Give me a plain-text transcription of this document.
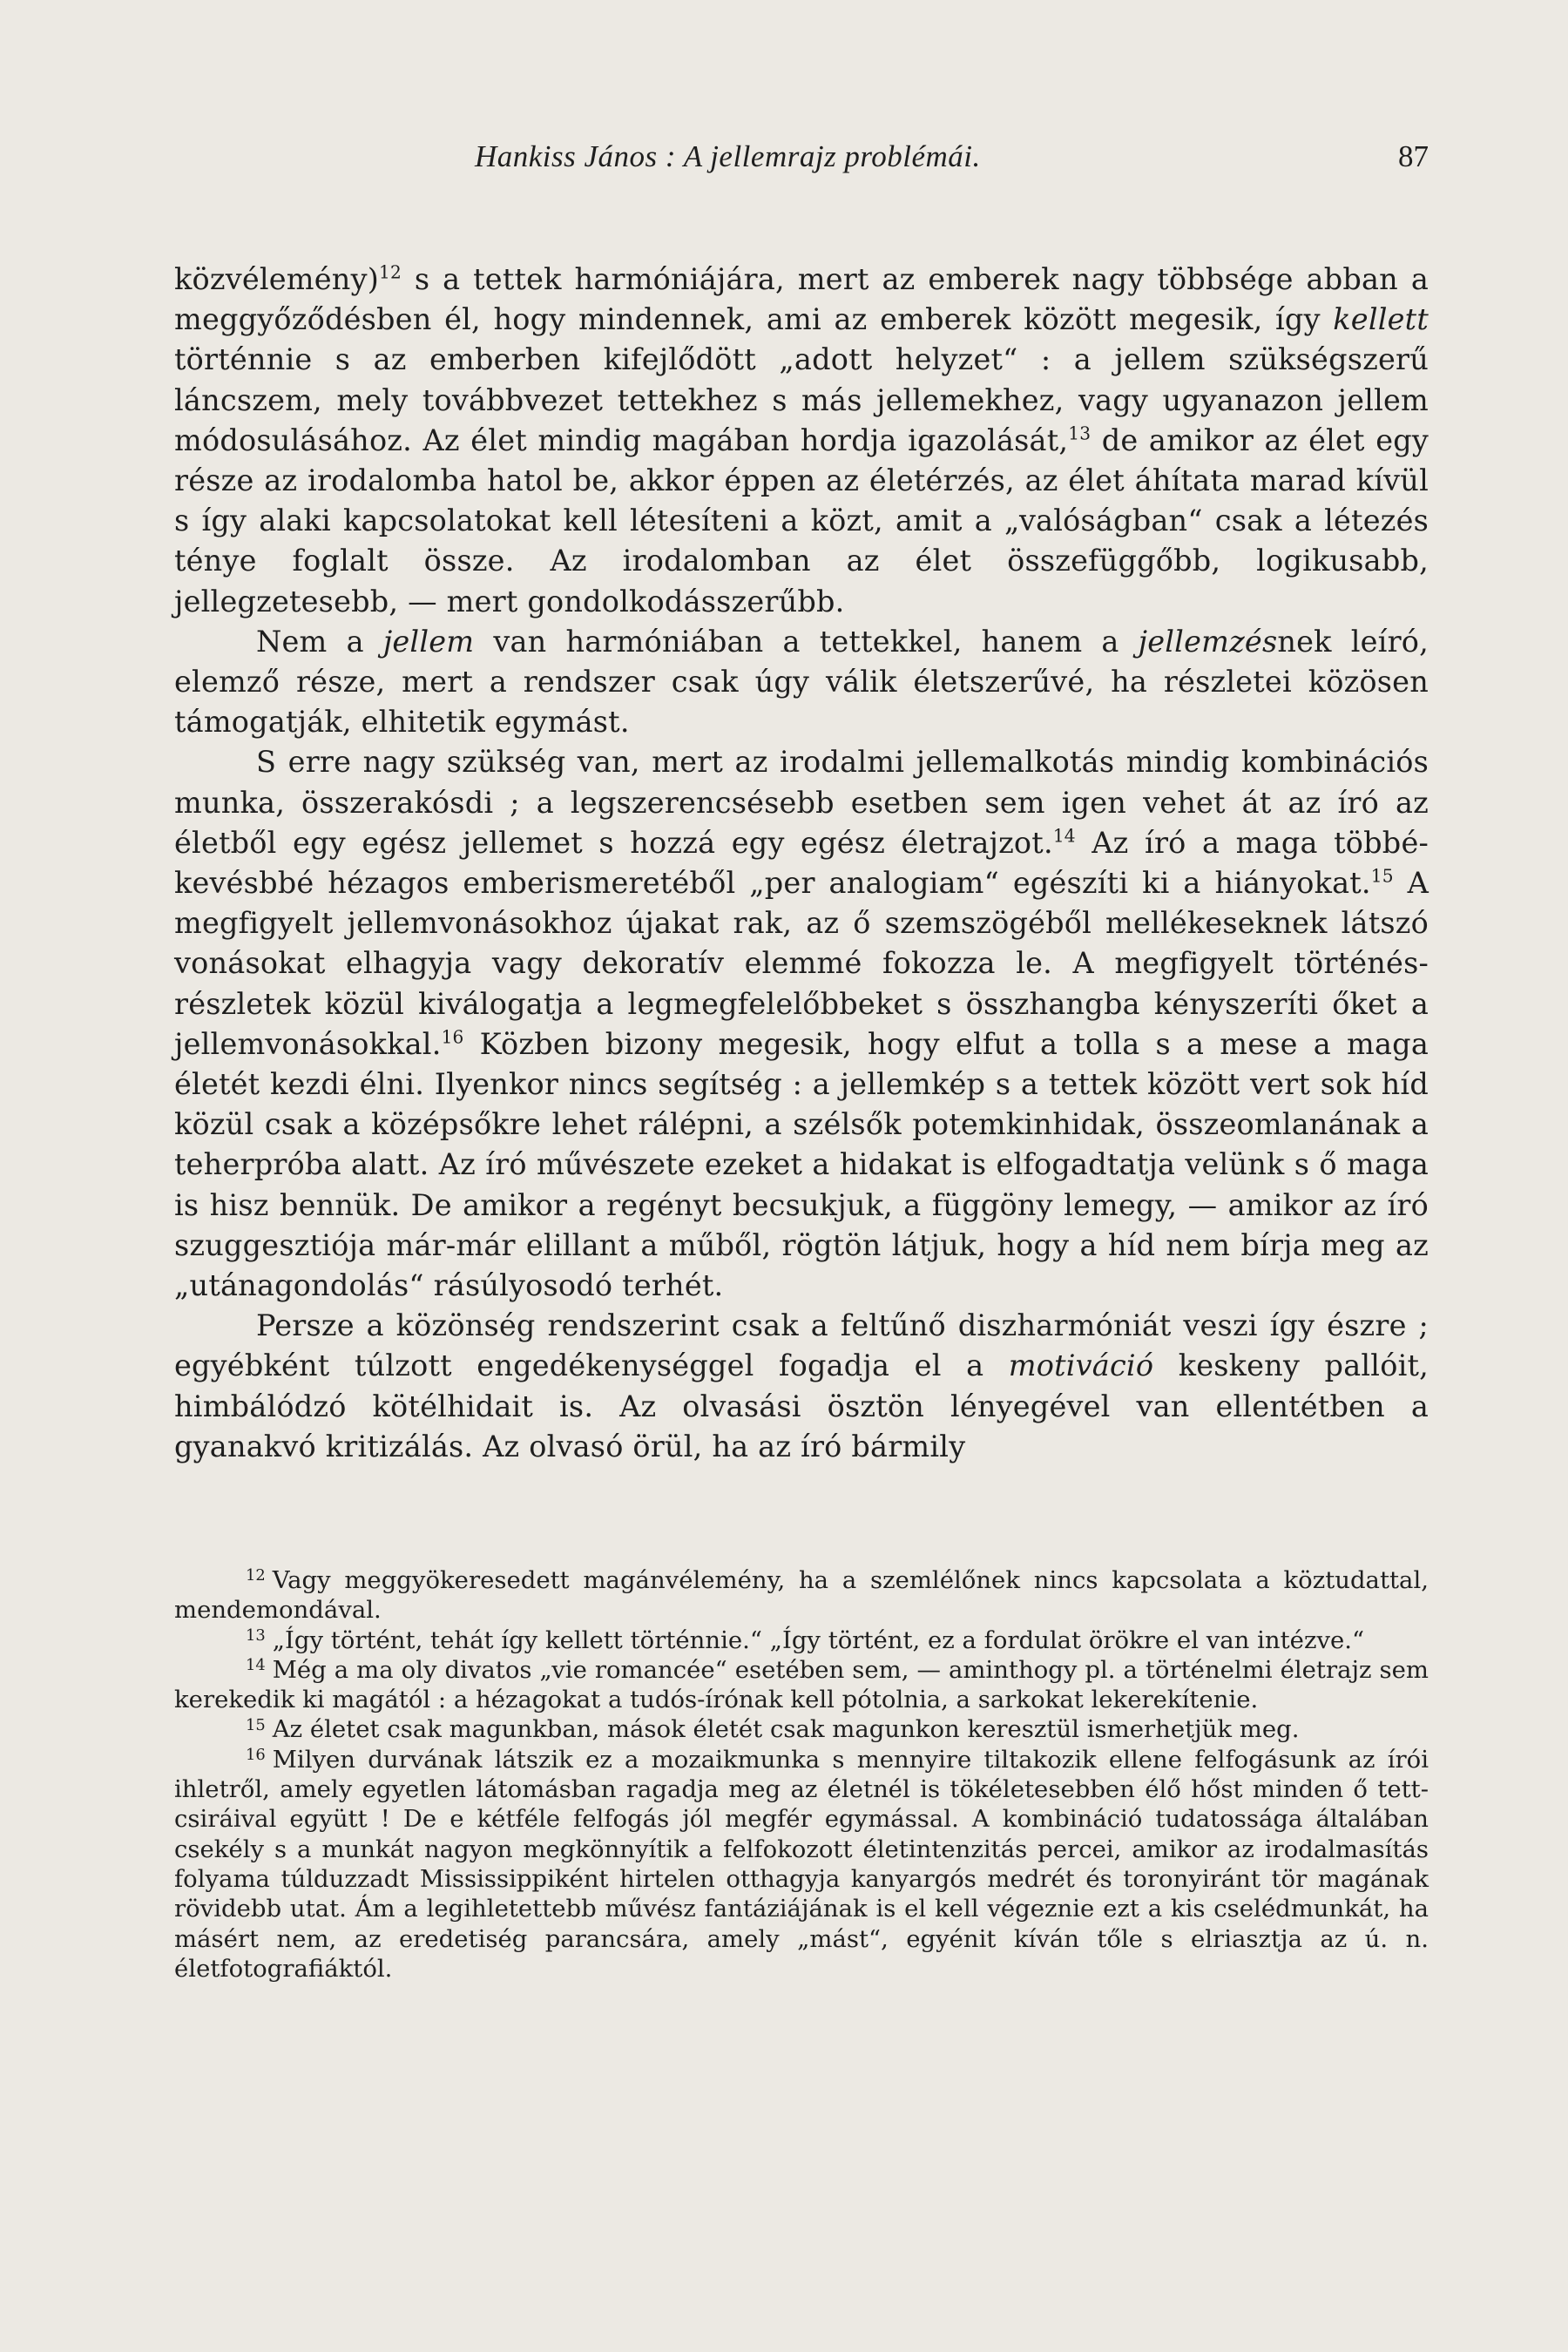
Hankiss János : A jellemrajz problémái.	87

közvélemény)$^{12}$ s a tettek harmóniájára, mert az emberek nagy többsége abban a meggyőződésben él, hogy mindennek, ami az emberek között megesik, így kellett történnie s az emberben kifejlődött „adott helyzet“ : a jellem szükségszerű láncszem, mely továbbvezet tettekhez s más jellemekhez, vagy ugyanazon jellem módosulásához. Az élet mindig magában hordja igazolását,$^{13}$ de amikor az élet egy része az irodalomba hatol be, akkor éppen az életérzés, az élet áhítata marad kívül s így alaki kapcsolatokat kell létesíteni a közt, amit a „valóságban“ csak a létezés ténye foglalt össze. Az irodalomban az élet összefüggőbb, logikusabb, jellegzetesebb, — mert gondolkodásszerűbb.

Nem a jellem van harmóniában a tettekkel, hanem a jellemzésnek leíró, elemző része, mert a rendszer csak úgy válik életszerűvé, ha részletei közösen támogatják, elhitetik egymást.

S erre nagy szükség van, mert az irodalmi jellemalkotás mindig kombinációs munka, összerakósdi ; a legszerencsésebb esetben sem igen vehet át az író az életből egy egész jellemet s hozzá egy egész életrajzot.$^{14}$ Az író a maga többé-kevésbbé hézagos emberismeretéből „per analogiam“ egészíti ki a hiányokat.$^{15}$ A megfigyelt jellemvonásokhoz újakat rak, az ő szemszögéből mellékeseknek látszó vonásokat elhagyja vagy dekoratív elemmé fokozza le. A megfigyelt történés-részletek közül kiválogatja a legmegfelelőbbeket s összhangba kényszeríti őket a jellemvonásokkal.$^{16}$ Közben bizony megesik, hogy elfut a tolla s a mese a maga életét kezdi élni. Ilyenkor nincs segítség : a jellemkép s a tettek között vert sok híd közül csak a középsőkre lehet rálépni, a szélsők potemkinhidak, összeomlanának a teherpróba alatt. Az író művészete ezeket a hidakat is elfogadtatja velünk s ő maga is hisz bennük. De amikor a regényt becsukjuk, a függöny lemegy, — amikor az író szuggesztiója már-már elillant a műből, rögtön látjuk, hogy a híd nem bírja meg az „utánagondolás“ rásúlyosodó terhét.

Persze a közönség rendszerint csak a feltűnő diszharmóniát veszi így észre ; egyébként túlzott engedékenységgel fogadja el a motiváció keskeny pallóit, himbálódzó kötélhidait is. Az olvasási ösztön lényegével van ellentétben a gyanakvó kritizálás. Az olvasó örül, ha az író bármily

$^{12}$ Vagy meggyökeresedett magánvélemény, ha a szemlélőnek nincs kapcsolata a köztudattal, mendemondával.

$^{13}$ „Így történt, tehát így kellett történnie.“ „Így történt, ez a fordulat örökre el van intézve.“

$^{14}$ Még a ma oly divatos „vie romancée“ esetében sem, — aminthogy pl. a történelmi életrajz sem kerekedik ki magától : a hézagokat a tudós-írónak kell pótolnia, a sarkokat lekerekítenie.

$^{15}$ Az életet csak magunkban, mások életét csak magunkon keresztül ismerhetjük meg.

$^{16}$ Milyen durvának látszik ez a mozaikmunka s mennyire tiltakozik ellene felfogásunk az írói ihletről, amely egyetlen látomásban ragadja meg az életnél is tökéletesebben élő hőst minden ő tett-csiráival együtt ! De e kétféle felfogás jól megfér egymással. A kombináció tudatossága általában csekély s a munkát nagyon megkönnyítik a felfokozott életintenzitás percei, amikor az irodalmasítás folyama túlduzzadt Mississippiként hirtelen otthagyja kanyargós medrét és toronyiránt tör magának rövidebb utat. Ám a legihletettebb művész fantáziájának is el kell végeznie ezt a kis cselédmunkát, ha másért nem, az eredetiség parancsára, amely „mást“, egyénit kíván tőle s elriasztja az ú. n. életfotografiáktól.
